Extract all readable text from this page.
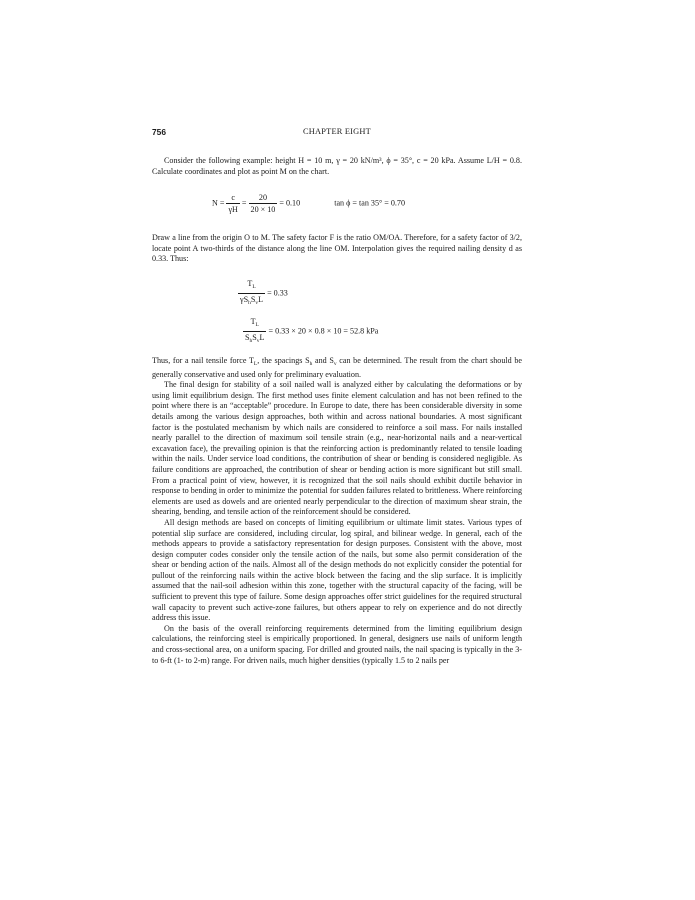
756	CHAPTER EIGHT

Consider the following example: height H = 10 m, γ = 20 kN/m³, ϕ = 35°, c = 20 kPa. Assume L/H = 0.8. Calculate coordinates and plot as point M on the chart.

$N = \frac{c}{\gamma H} = \frac{20}{20 \times 10} = 0.10$	tan ϕ = tan 35° = 0.70

Draw a line from the origin O to M. The safety factor F is the ratio OM/OA. Therefore, for a safety factor of 3/2, locate point A two-thirds of the distance along the line OM. Interpolation gives the required nailing density d as 0.33. Thus:

$\frac{T_L}{\gamma S_hS_vL} = 0.33$
$\frac{T_L}{S_hS_vL} = 0.33 \times 20 \times 0.8 \times 10 = 52.8$ kPa

Thus, for a nail tensile force $T_L$, the spacings $S_h$ and $S_v$ can be determined. The result from the chart should be generally conservative and used only for preliminary evaluation.

The final design for stability of a soil nailed wall is analyzed either by calculating the deformations or by using limit equilibrium design. The first method uses finite element calculation and has not been refined to the point where there is an “acceptable” procedure. In Europe to date, there has been considerable diversity in some details among the various design approaches, both within and across national boundaries. A most significant factor is the postulated mechanism by which nails are considered to reinforce a soil mass. For nails installed nearly parallel to the direction of maximum soil tensile strain (e.g., near-horizontal nails and a near-vertical excavation face), the prevailing opinion is that the reinforcing action is predominantly related to tensile loading within the nails. Under service load conditions, the contribution of shear or bending is considered negligible. As failure conditions are approached, the contribution of shear or bending action is more significant but still small. From a practical point of view, however, it is recognized that the soil nails should exhibit ductile behavior in response to bending in order to minimize the potential for sudden failures related to brittleness. Where reinforcing elements are used as dowels and are oriented nearly perpendicular to the direction of maximum shear strain, the shearing, bending, and tensile action of the reinforcement should be considered.

All design methods are based on concepts of limiting equilibrium or ultimate limit states. Various types of potential slip surface are considered, including circular, log spiral, and bilinear wedge. In general, each of the methods appears to provide a satisfactory representation for design purposes. Consistent with the above, most design computer codes consider only the tensile action of the nails, but some also permit consideration of the shear or bending action of the nails. Almost all of the design methods do not explicitly consider the potential for pullout of the reinforcing nails within the active block between the facing and the slip surface. It is implicitly assumed that the nail-soil adhesion within this zone, together with the structural capacity of the facing, will be sufficient to prevent this type of failure. Some design approaches offer strict guidelines for the required structural wall capacity to prevent such active-zone failures, but others appear to rely on experience and do not directly address this issue.

On the basis of the overall reinforcing requirements determined from the limiting equilibrium design calculations, the reinforcing steel is empirically proportioned. In general, designers use nails of uniform length and cross-sectional area, on a uniform spacing. For drilled and grouted nails, the nail spacing is typically in the 3- to 6-ft (1- to 2-m) range. For driven nails, much higher densities (typically 1.5 to 2 nails per
